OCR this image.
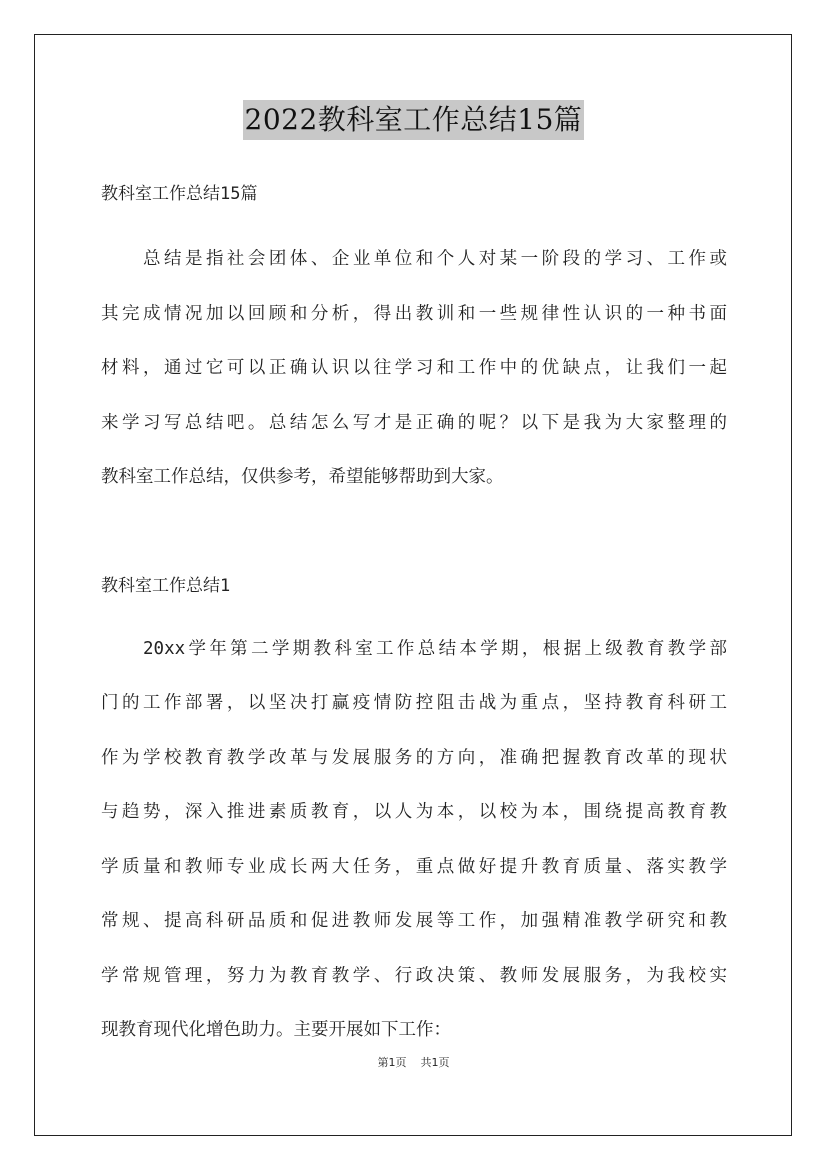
2022教科室工作总结15篇
教科室工作总结15篇
总结是指社会团体、企业单位和个人对某一阶段的学习、工作或
其完成情况加以回顾和分析，得出教训和一些规律性认识的一种书面
材料，通过它可以正确认识以往学习和工作中的优缺点，让我们一起
来学习写总结吧。总结怎么写才是正确的呢？以下是我为大家整理的
教科室工作总结，仅供参考，希望能够帮助到大家。
教科室工作总结1
20xx学年第二学期教科室工作总结本学期，根据上级教育教学部
门的工作部署，以坚决打赢疫情防控阻击战为重点，坚持教育科研工
作为学校教育教学改革与发展服务的方向，准确把握教育改革的现状
与趋势，深入推进素质教育，以人为本，以校为本，围绕提高教育教
学质量和教师专业成长两大任务，重点做好提升教育质量、落实教学
常规、提高科研品质和促进教师发展等工作，加强精准教学研究和教
学常规管理，努力为教育教学、行政决策、教师发展服务，为我校实
现教育现代化增色助力。主要开展如下工作：
第1页 共1页
